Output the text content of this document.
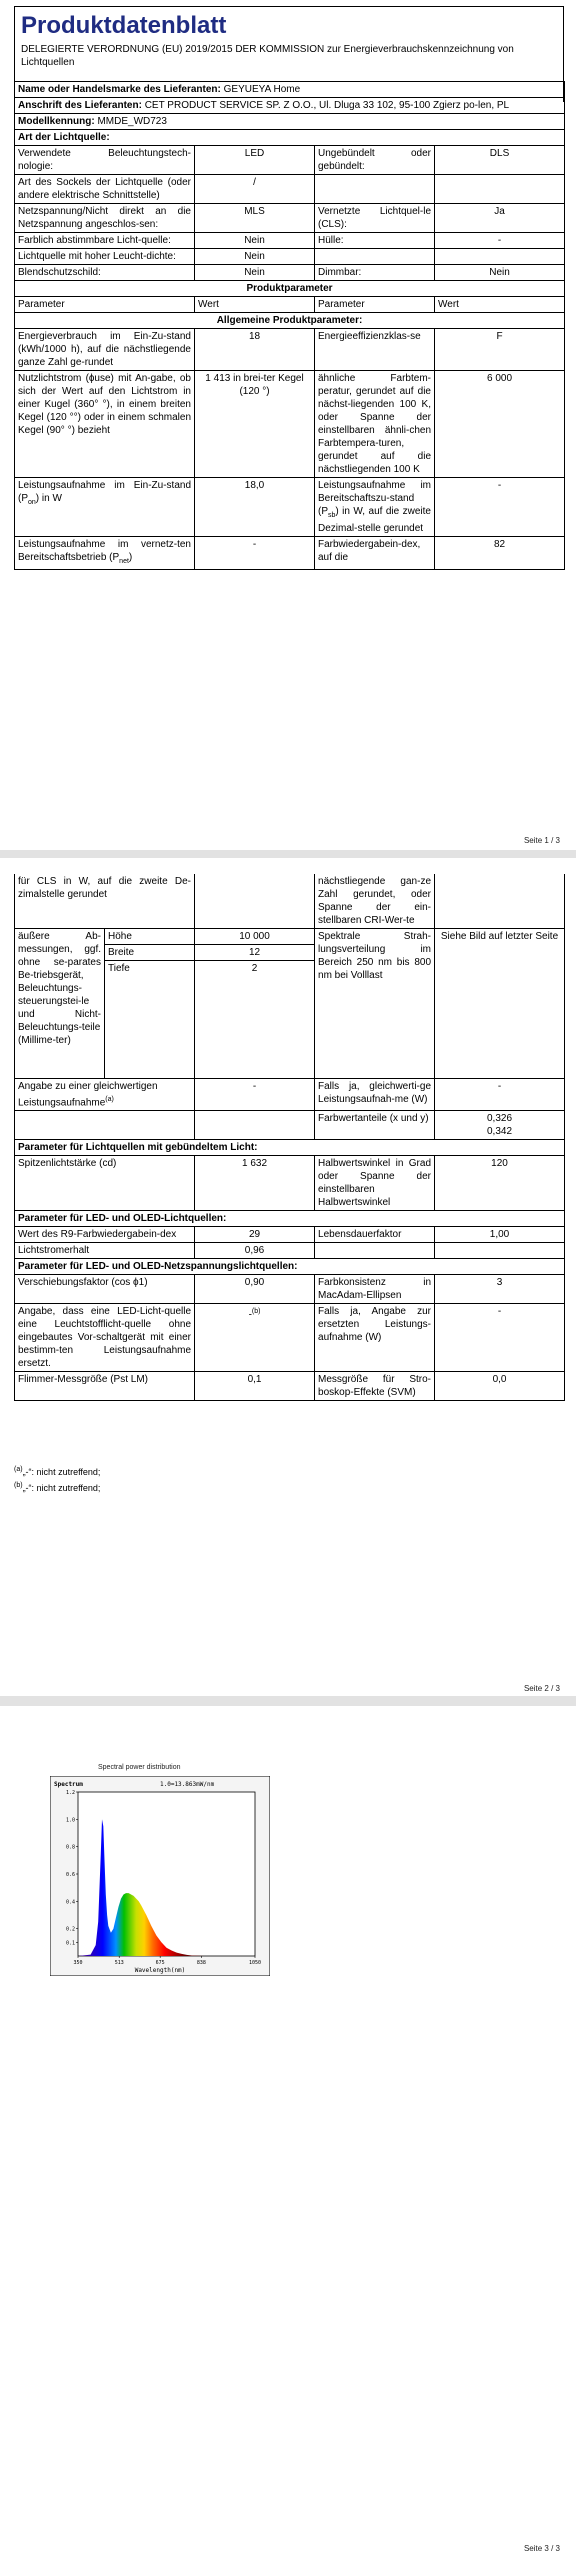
Produktdatenblatt
DELEGIERTE VERORDNUNG (EU) 2019/2015 DER KOMMISSION zur Energieverbrauchskennzeichnung von Lichtquellen
Name oder Handelsmarke des Lieferanten: GEYUEYA Home			
Anschrift des Lieferanten: CET PRODUCT SERVICE SP. Z O.O., Ul. Dluga 33 102, 95-100 Zgierz po-len, PL			
Modellkennung: MMDE_WD723			
Art der Lichtquelle:			
Verwendete Beleuchtungstech-nologie:	LED	Ungebündelt oder gebündelt:	DLS
Art des Sockels der Lichtquelle (oder andere elektrische Schnittstelle)	/		
Netzspannung/Nicht direkt an die Netzspannung angeschlos-sen:	MLS	Vernetzte Lichtquel-le (CLS):	Ja
Farblich abstimmbare Licht-quelle:	Nein	Hülle:	-
Lichtquelle mit hoher Leucht-dichte:	Nein		
Blendschutzschild:	Nein	Dimmbar:	Nein
Produktparameter			
Parameter	Wert	Parameter	Wert
Allgemeine Produktparameter:			
Energieverbrauch im Ein-Zu-stand (kWh/1000 h), auf die nächstliegende ganze Zahl ge-rundet	18	Energieeffizienzklas-se	F
Nutzlichtstrom (ɸuse) mit An-gabe, ob sich der Wert auf den Lichtstrom in einer Kugel (360° °), in einem breiten Kegel (120 °°) oder in einem schmalen Kegel (90° °) bezieht	1 413 in brei-ter Kegel (120 °)	ähnliche Farbtem-peratur, gerundet auf die nächst-liegenden 100 K, oder Spanne der einstellbaren ähnli-chen Farbtempera-turen, gerundet auf die nächstliegenden 100 K	6 000
Leistungsaufnahme im Ein-Zu-stand $(P_{on})$ in W	18,0	Leistungsaufnahme im Bereitschaftszu-stand $(P_{sb})$ in W, auf die zweite Dezimal-stelle gerundet	-
Leistungsaufnahme im vernetz-ten Bereitschaftsbetrieb $(P_{net})$	-	Farbwiedergabein-dex, auf die	82
Seite 1 / 3
für CLS in W, auf die zweite De-zimalstelle gerundet			nächstliegende gan-ze Zahl gerundet, oder Spanne der ein-stellbaren CRI-Wer-te	
äußere Ab-messungen, ggf. ohne se-parates Be-triebsgerät, Beleuchtungs-steuerungstei-le und Nicht-Beleuchtungs-teile (Millime-ter)	Höhe	10 000	Spektrale Strah-lungsverteilung im Bereich 250 nm bis 800 nm bei Volllast	Siehe Bild auf letzter Seite
	Breite	12		
	Tiefe	2		
Angabe zu einer gleichwertigen Leistungsaufnahme$^{(a)}$		-	Falls ja, gleichwerti-ge Leistungsaufnah-me (W)	-
			Farbwertanteile (x und y)	0,326
0,342

Parameter für Lichtquellen mit gebündeltem Licht:				
Spitzenlichtstärke (cd)		1 632	Halbwertswinkel in Grad oder Spanne der einstellbaren Halbwertswinkel	120
Parameter für LED- und OLED-Lichtquellen:				
Wert des R9-Farbwiedergabein-dex		29	Lebensdauerfaktor	1,00
Lichtstromerhalt		0,96		
Parameter für LED- und OLED-Netzspannungslichtquellen:				
Verschiebungsfaktor (cos ϕ1)		0,90	Farbkonsistenz in MacAdam-Ellipsen	3
Angabe, dass eine LED-Licht-quelle eine Leuchtstofflicht-quelle ohne eingebautes Vor-schaltgerät mit einer bestimm-ten Leistungsaufnahme ersetzt.		-$^{(b)}$	Falls ja, Angabe zur ersetzten Leistungs-aufnahme (W)	-
Flimmer-Messgröße (Pst LM)		0,1	Messgröße für Stro-boskop-Effekte (SVM)	0,0
$^{(a)}$„-“: nicht zutreffend;
$^{(b)}$„-“: nicht zutreffend;
Seite 2 / 3
Spectral power distribution
Spectrum	1.0=13.863mW/nm
Wavelength(nm)
0.1
0.2
0.4
0.6
0.8
1.0
1.2
350	513	675	838	1050
Seite 3 / 3
